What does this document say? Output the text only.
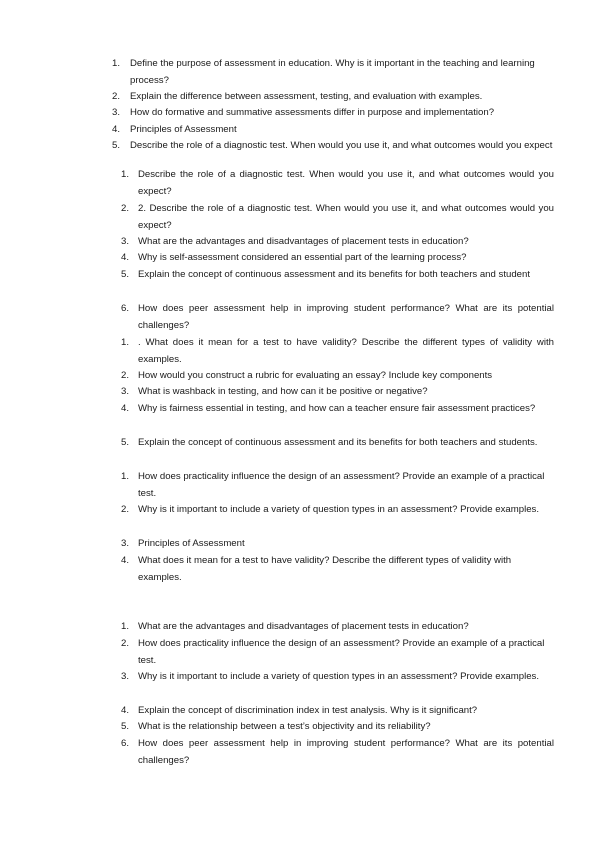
1.	Define the purpose of assessment in education. Why is it important in the teaching and learning process?
2.	Explain the difference between assessment, testing, and evaluation with examples.
3.	How do formative and summative assessments differ in purpose and implementation?
4.	Principles of Assessment
5.	Describe the role of a diagnostic test. When would you use it, and what outcomes would you expect
1. Describe the role of a diagnostic test. When would you use it, and what outcomes would you expect?
2. 2. Describe the role of a diagnostic test. When would you use it, and what outcomes would you expect?
3. What are the advantages and disadvantages of placement tests in education?
4. Why is self-assessment considered an essential part of the learning process?
5. Explain the concept of continuous assessment and its benefits for both teachers and student
6. How does peer assessment help in improving student performance? What are its potential challenges?
1. . What does it mean for a test to have validity? Describe the different types of validity with examples.
2. How would you construct a rubric for evaluating an essay? Include key components
3. What is washback in testing, and how can it be positive or negative?
4. Why is fairness essential in testing, and how can a teacher ensure fair assessment practices?
5. Explain the concept of continuous assessment and its benefits for both teachers and students.
1. How does practicality influence the design of an assessment? Provide an example of a practical test.
2. Why is it important to include a variety of question types in an assessment? Provide examples.
3. Principles of Assessment
4. What does it mean for a test to have validity? Describe the different types of validity with examples.
1. What are the advantages and disadvantages of placement tests in education?
2. How does practicality influence the design of an assessment? Provide an example of a practical test.
3. Why is it important to include a variety of question types in an assessment? Provide examples.
4. Explain the concept of discrimination index in test analysis. Why is it significant?
5. What is the relationship between a test’s objectivity and its reliability?
6. How does peer assessment help in improving student performance? What are its potential challenges?
